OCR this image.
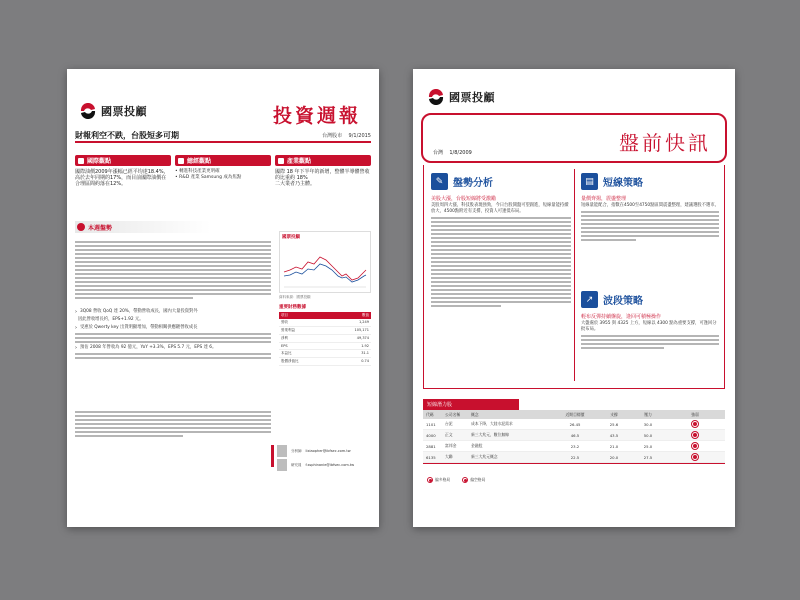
國票投顧	投資週報
財報利空不跌，台股短多可期	台灣股市 9/1/2015
國際觀點
國際油價2009年漲幅已經平均達18.4%，高於去年同期的17%，而目前國際油價在合理區間約落在12%。
總經觀點
• 轉進科技產業更明確
• R&D 產業 Samsung 成為焦點
產業觀點
國際 18 年下半年的新增，整體半導體營收的比重約 18%
二大業者乃主體。
本週盤勢
› 3Q08 營收 QoQ 達 20%，帶動營收成長，國內大量投資對外
因此營收增長約，EPS+1.92 元。
› 受惠於 Qwerty key 出貨明顯增加，帶動相關供應鏈營收成長
› 預估 2008 年營收為 92 億元，YoY +3.3%，EPS 5.7 元，EPS 達 6。
國票投顧
資料來源：國票投顧
重要財務數據
項目	數值
營收	1,249
營業利益	105,171
淨利	49,374
EPS	1.92
本益比	31.1
股價淨值比	0.74
分析師 lixiaopher@ibfsec.com.tw
研究員 f.ssphinanie@ibfsec.com.tw
國票投顧
盤前快訊
台灣 1/8/2009
✎ 盤勢分析
美股大漲，台股短線將受激勵
美股周四大漲，科技股表現強勁，今日台股開盤可望跟進，短線量能持續放大，4500點附近有支撐，投資人可逢低布局。
▤ 短線策略
量價齊揚，震盪整理
短線量能配合，指數在4500至4750點區間震盪整理，建議選股不選市。
↗ 波段策略
輕布反彈持續盤旋，逢回可積極操作
大盤處於 3955 與 4325 上方，短線以 4300 點為重要支撐，可逢回分批布局。
短線潛力股
代碼	公司名稱	概念	近期目標價	支撐	壓力	強弱
1101	台泥	成本下降，大陸水泥需求	26.45	25.6	30.0
4000	正文	新三大兆元，數位無線	46.5	43.5	50.0
2881	富邦金	金融股	23.2	21.0	25.0
6135	大聯	新三大兆元概念	22.5	20.0	27.5
偏多格局	偏空格局
